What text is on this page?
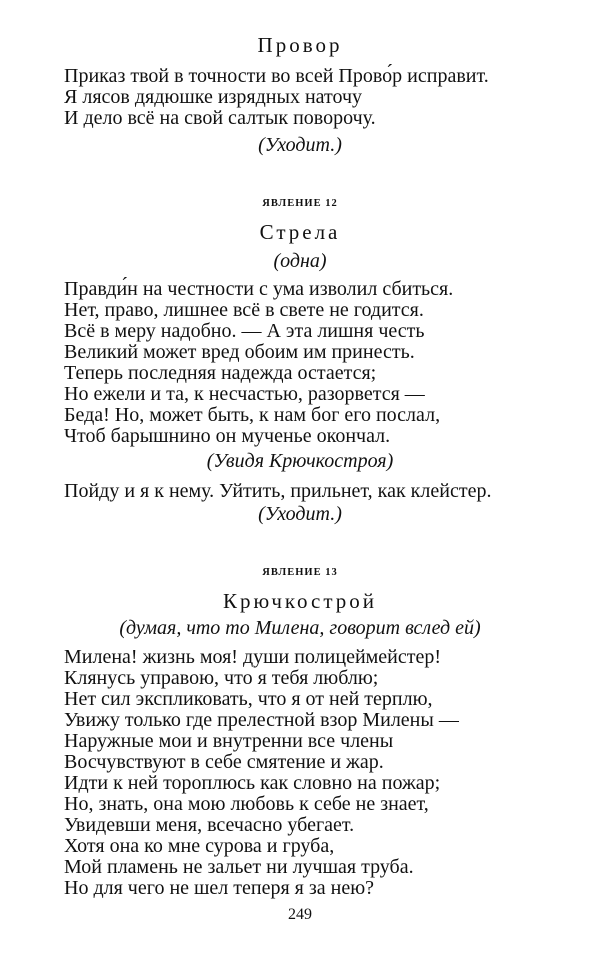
Провор
Приказ твой в точности во всей Прово́р исправит.
Я лясов дядюшке изрядных наточу
И дело всё на свой салтык поворочу.
(Уходит.)
ЯВЛЕНИЕ 12
Стрела
(одна)
Правди́н на честности с ума изволил сбиться.
Нет, право, лишнее всё в свете не годится.
Всё в меру надобно. — А эта лишня честь
Великий может вред обоим им принесть.
Теперь последняя надежда остается;
Но ежели и та, к несчастью, разорвется —
Беда! Но, может быть, к нам бог его послал,
Чтоб барышнино он мученье окончал.
(Увидя Крючкостроя)
Пойду и я к нему. Уйтить, прильнет, как клейстер.
(Уходит.)
ЯВЛЕНИЕ 13
Крючкострой
(думая, что то Милена, говорит вслед ей)
Милена! жизнь моя! души полицеймейстер!
Клянусь управою, что я тебя люблю;
Нет сил экспликовать, что я от ней терплю,
Увижу только где прелестной взор Милены —
Наружные мои и внутренни все члены
Восчувствуют в себе смятение и жар.
Идти к ней тороплюсь как словно на пожар;
Но, знать, она мою любовь к себе не знает,
Увидевши меня, всечасно убегает.
Хотя она ко мне сурова и груба,
Мой пламень не зальет ни лучшая труба.
Но для чего не шел теперя я за нею?
249
